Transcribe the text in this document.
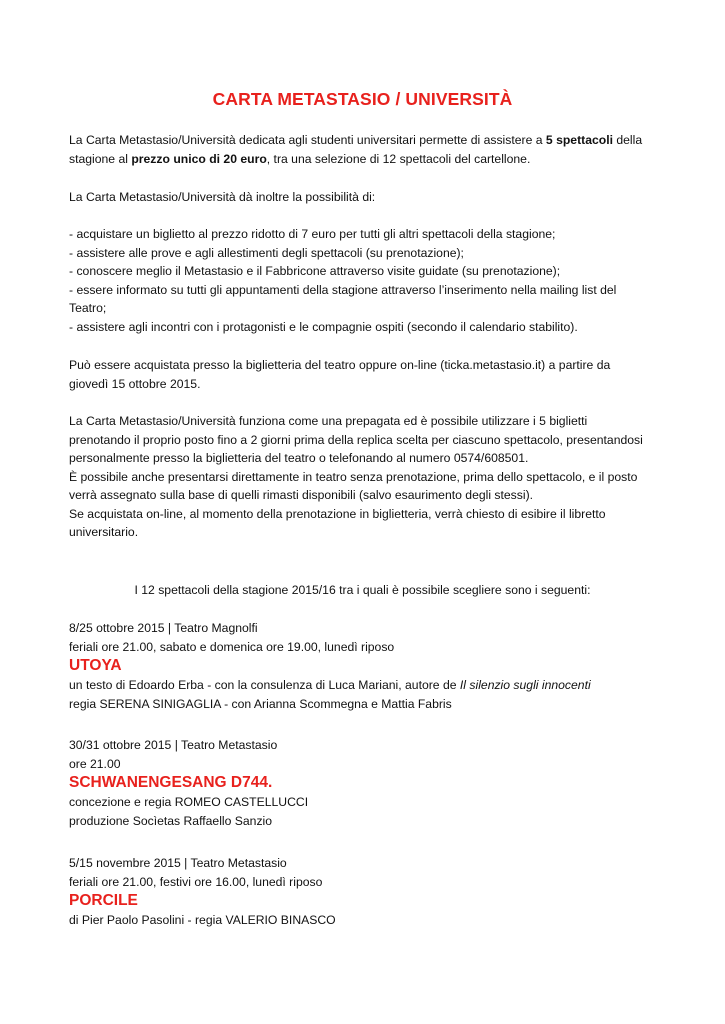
CARTA METASTASIO / UNIVERSITÀ

La Carta Metastasio/Università dedicata agli studenti universitari permette di assistere a 5 spettacoli della
stagione al prezzo unico di 20 euro, tra una selezione di 12 spettacoli del cartellone.

La Carta Metastasio/Università dà inoltre la possibilità di:

- acquistare un biglietto al prezzo ridotto di 7 euro per tutti gli altri spettacoli della stagione;
- assistere alle prove e agli allestimenti degli spettacoli (su prenotazione);
- conoscere meglio il Metastasio e il Fabbricone attraverso visite guidate (su prenotazione);
- essere informato su tutti gli appuntamenti della stagione attraverso l’inserimento nella mailing list del
Teatro;
- assistere agli incontri con i protagonisti e le compagnie ospiti (secondo il calendario stabilito).

Può essere acquistata presso la biglietteria del teatro oppure on-line (ticka.metastasio.it) a partire da
giovedì 15 ottobre 2015.

La Carta Metastasio/Università funziona come una prepagata ed è possibile utilizzare i 5 biglietti
prenotando il proprio posto fino a 2 giorni prima della replica scelta per ciascuno spettacolo, presentandosi
personalmente presso la biglietteria del teatro o telefonando al numero 0574/608501.
È possibile anche presentarsi direttamente in teatro senza prenotazione, prima dello spettacolo, e il posto
verrà assegnato sulla base di quelli rimasti disponibili (salvo esaurimento degli stessi).
Se acquistata on-line, al momento della prenotazione in biglietteria, verrà chiesto di esibire il libretto
universitario.

I 12 spettacoli della stagione 2015/16 tra i quali è possibile scegliere sono i seguenti:

8/25 ottobre 2015 | Teatro Magnolfi
feriali ore 21.00, sabato e domenica ore 19.00, lunedì riposo
UTOYA
un testo di Edoardo Erba - con la consulenza di Luca Mariani, autore de Il silenzio sugli innocenti
regia SERENA SINIGAGLIA - con Arianna Scommegna e Mattia Fabris
30/31 ottobre 2015 | Teatro Metastasio
ore 21.00
SCHWANENGESANG D744.
concezione e regia ROMEO CASTELLUCCI
produzione Socìetas Raffaello Sanzio
5/15 novembre 2015 | Teatro Metastasio
feriali ore 21.00, festivi ore 16.00, lunedì riposo
PORCILE
di Pier Paolo Pasolini - regia VALERIO BINASCO
